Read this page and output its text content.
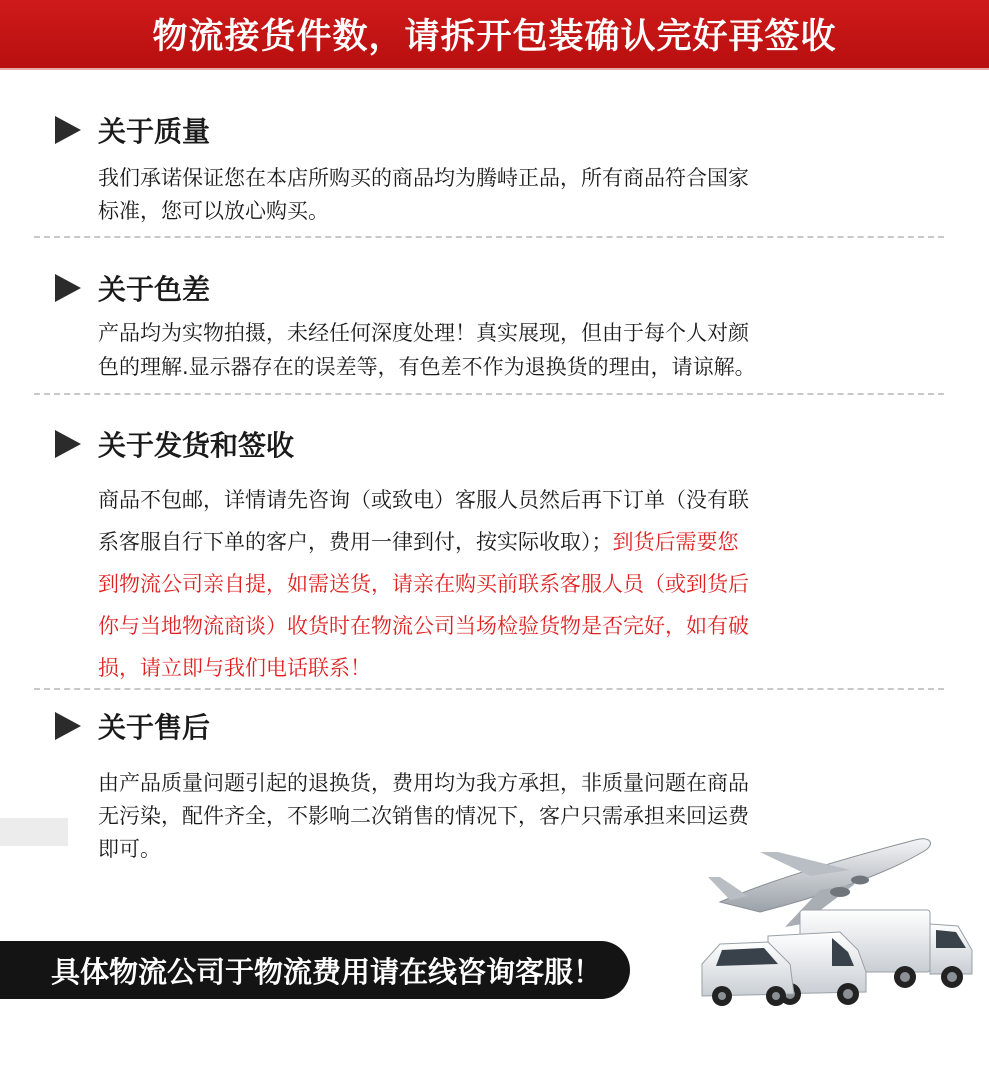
物流接货件数，请拆开包装确认完好再签收
关于质量
我们承诺保证您在本店所购买的商品均为腾峙正品，所有商品符合国家
标准，您可以放心购买。
关于色差
产品均为实物拍摄，未经任何深度处理！真实展现，但由于每个人对颜
色的理解.显示器存在的误差等，有色差不作为退换货的理由，请谅解。
关于发货和签收
商品不包邮，详情请先咨询（或致电）客服人员然后再下订单（没有联
系客服自行下单的客户，费用一律到付，按实际收取）；到货后需要您
到物流公司亲自提，如需送货，请亲在购买前联系客服人员（或到货后
你与当地物流商谈）收货时在物流公司当场检验货物是否完好，如有破
损，请立即与我们电话联系！
关于售后
由产品质量问题引起的退换货，费用均为我方承担，非质量问题在商品
无污染，配件齐全，不影响二次销售的情况下，客户只需承担来回运费
即可。
具体物流公司于物流费用请在线咨询客服！
